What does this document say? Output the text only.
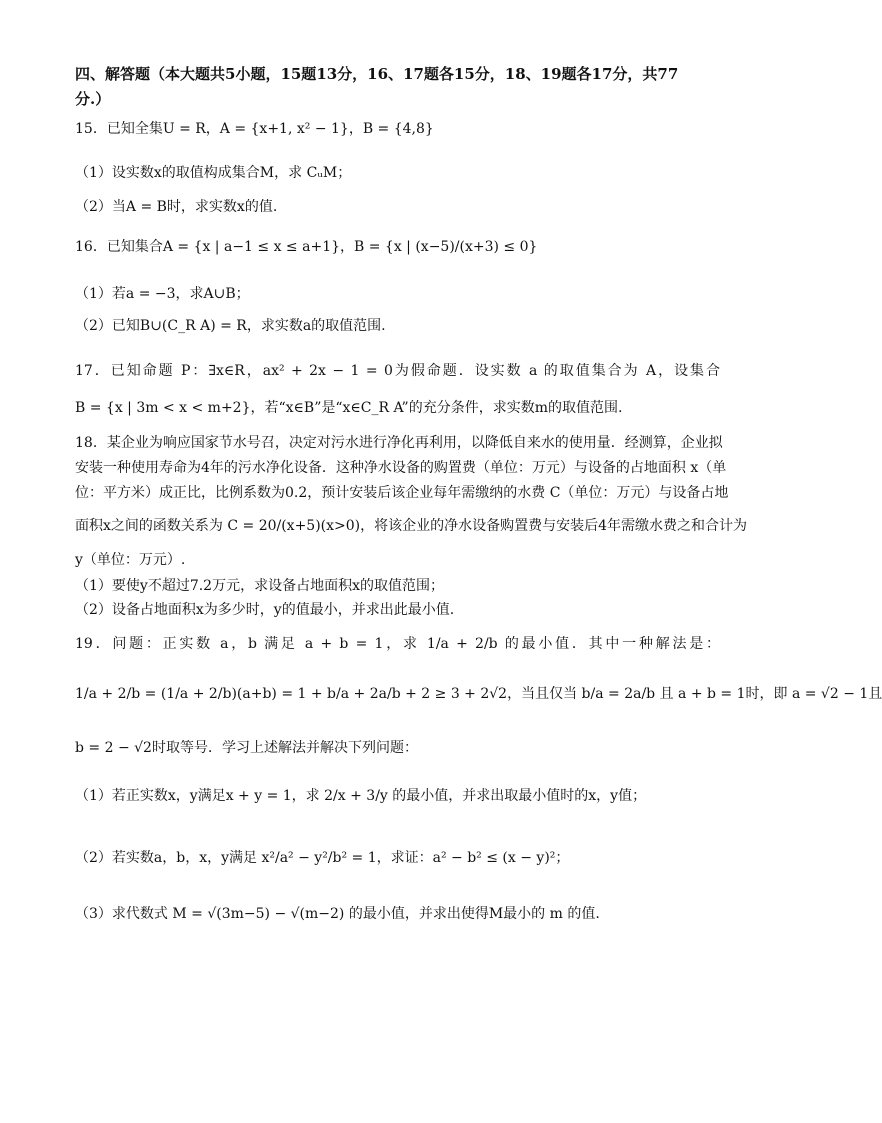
四、解答题（本大题共5小题，15题13分，16、17题各15分，18、19题各17分，共77
分.）
15．已知全集U = R，A = {x+1, x² − 1}，B = {4,8}
（1）设实数x的取值构成集合M，求 CᵤM；
（2）当A = B时，求实数x的值.
16．已知集合A = {x | a−1 ≤ x ≤ a+1}，B = {x | (x−5)/(x+3) ≤ 0}
（1）若a = −3，求A∪B；
（2）已知B∪(C_R A) = R，求实数a的取值范围.
17．已知命题 P：∃x∈R，ax² + 2x − 1 = 0为假命题．设实数 a 的取值集合为 A，设集合
B = {x | 3m < x < m+2}，若“x∈B”是“x∈C_R A”的充分条件，求实数m的取值范围.
18．某企业为响应国家节水号召，决定对污水进行净化再利用，以降低自来水的使用量．经测算，企业拟
安装一种使用寿命为4年的污水净化设备．这种净水设备的购置费（单位：万元）与设备的占地面积 x（单
位：平方米）成正比，比例系数为0.2，预计安装后该企业每年需缴纳的水费 C（单位：万元）与设备占地
面积x之间的函数关系为 C = 20/(x+5)(x>0)，将该企业的净水设备购置费与安装后4年需缴水费之和合计为
y（单位：万元）.
（1）要使y不超过7.2万元，求设备占地面积x的取值范围；
（2）设备占地面积x为多少时，y的值最小，并求出此最小值.
19．问题：正实数 a，b 满足 a + b = 1，求 1/a + 2/b 的最小值．其中一种解法是：
1/a + 2/b = (1/a + 2/b)(a+b) = 1 + b/a + 2a/b + 2 ≥ 3 + 2√2，当且仅当 b/a = 2a/b 且 a + b = 1时，即 a = √2 − 1且
b = 2 − √2时取等号．学习上述解法并解决下列问题：
（1）若正实数x，y满足x + y = 1，求 2/x + 3/y 的最小值，并求出取最小值时的x，y值；
（2）若实数a，b，x，y满足 x²/a² − y²/b² = 1，求证：a² − b² ≤ (x − y)²；
（3）求代数式 M = √(3m−5) − √(m−2) 的最小值，并求出使得M最小的 m 的值.
